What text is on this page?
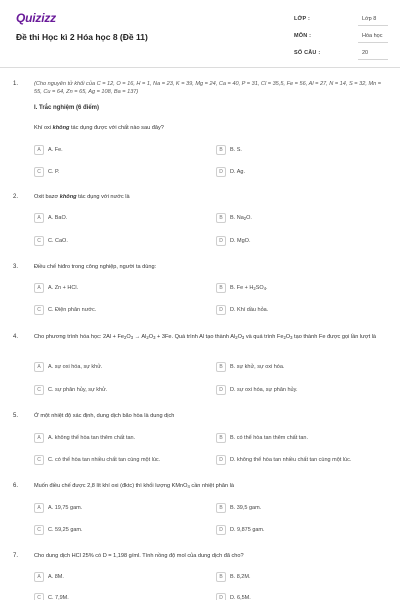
Quizizz
Đề thi Học kì 2 Hóa học 8 (Đề 11)
LỚP :	Lớp 8
MÔN :	Hóa học
SỐ CÂU :	20
1.	(Cho nguyên tử khối của C = 12, O = 16, H = 1, Na = 23, K = 39, Mg = 24, Ca = 40, P = 31, Cl = 35,5, Fe = 56, Al = 27, N = 14, S = 32, Mn = 55, Cu = 64, Zn = 65, Ag = 108, Ba = 137)
I. Trắc nghiệm (6 điểm)
Khí oxi không tác dụng được với chất nào sau đây?
A	A. Fe.	B	B. S.
C	C. P.	D	D. Ag.
2.	Oxit bazơ không tác dụng với nước là
A	A. BaO.	B	B. $Na_2O$.
C	C. CaO.	D	D. MgO.
3.	Điều chế hiđro trong công nghiệp, người ta dùng:
A	A. Zn + HCl.	B	B. $Fe + H_2SO_4$.
C	C. Điện phân nước.	D	D. Khí dầu hỏa.
4.	Cho phương trình hóa học: $2Al + Fe_2O_3 \to Al_2O_3 + 3Fe$. Quá trình Al tạo thành $Al_2O_3$ và quá trình $Fe_2O_3$ tạo thành Fe được gọi lần lượt là
A	A. sự oxi hóa, sự khử.	B	B. sự khử, sự oxi hóa.
C	C. sự phân hủy, sự khử.	D	D. sự oxi hóa, sự phân hủy.
5.	Ở một nhiệt độ xác định, dung dịch bão hòa là dung dịch
A	A. không thể hòa tan thêm chất tan.	B	B. có thể hòa tan thêm chất tan.
C	C. có thể hòa tan nhiều chất tan cùng một lúc.	D	D. không thể hòa tan nhiều chất tan cùng một lúc.
6.	Muốn điều chế được 2,8 lít khí oxi (đktc) thì khối lượng KMnO$_4$ cần nhiệt phân là
A	A. 19,75 gam.	B	B. 39,5 gam.
C	C. 59,25 gam.	D	D. 9,875 gam.
7.	Cho dung dịch HCl 25% có D = 1,198 g/ml. Tính nồng độ mol của dung dịch đã cho?
A	A. 8M.	B	B. 8,2M.
C	C. 7,9M.	D	D. 6,5M.
